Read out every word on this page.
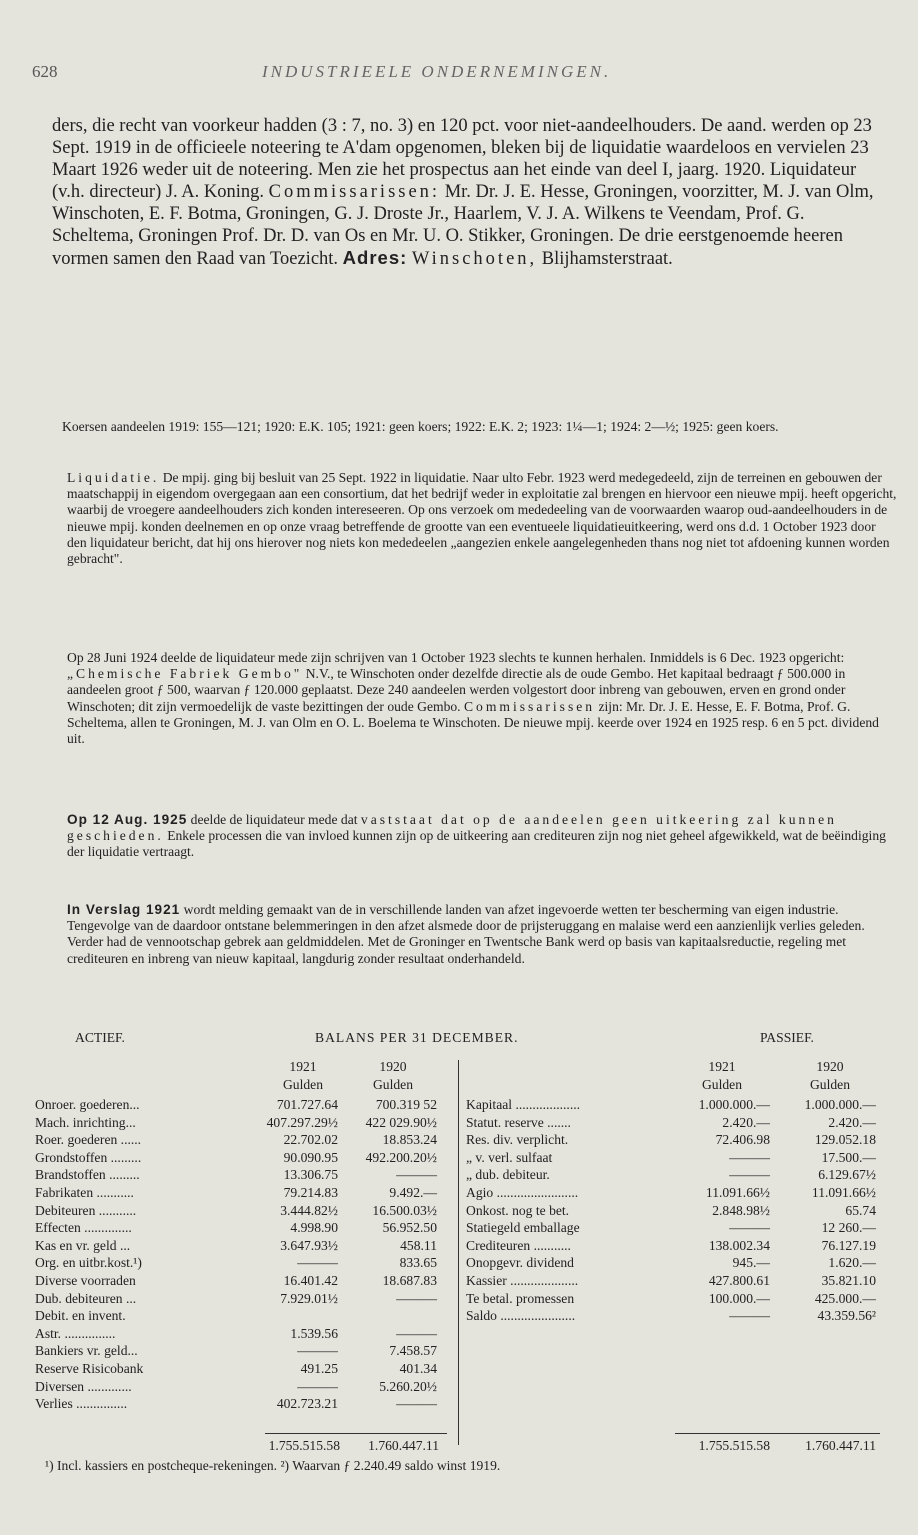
628	INDUSTRIEELE ONDERNEMINGEN.

ders, die recht van voorkeur hadden (3 : 7, no. 3) en 120 pct. voor niet-aandeelhouders. De aand. werden op 23 Sept. 1919 in de officieele noteering te A'dam opgenomen, bleken bij de liquidatie waardeloos en vervielen 23 Maart 1926 weder uit de noteering. Men zie het prospectus aan het einde van deel I, jaarg. 1920. Liquidateur (v.h. directeur) J. A. Koning. Commissarissen: Mr. Dr. J. E. Hesse, Groningen, voorzitter, M. J. van Olm, Winschoten, E. F. Botma, Groningen, G. J. Droste Jr., Haarlem, V. J. A. Wilkens te Veendam, Prof. G. Scheltema, Groningen Prof. Dr. D. van Os en Mr. U. O. Stikker, Groningen. De drie eerstgenoemde heeren vormen samen den Raad van Toezicht. Adres: Winschoten, Blijhamsterstraat.

Koersen aandeelen 1919: 155—121; 1920: E.K. 105; 1921: geen koers; 1922: E.K. 2; 1923: 1¼—1; 1924: 2—½; 1925: geen koers.

Liquidatie. De mpij. ging bij besluit van 25 Sept. 1922 in liquidatie. Naar ulto Febr. 1923 werd medegedeeld, zijn de terreinen en gebouwen der maatschappij in eigendom overgegaan aan een consortium, dat het bedrijf weder in exploitatie zal brengen en hiervoor een nieuwe mpij. heeft opgericht, waarbij de vroegere aandeelhouders zich konden intereseeren. Op ons verzoek om mededeeling van de voorwaarden waarop oud-aandeelhouders in de nieuwe mpij. konden deelnemen en op onze vraag betreffende de grootte van een eventueele liquidatieuitkeering, werd ons d.d. 1 October 1923 door den liquidateur bericht, dat hij ons hierover nog niets kon mededeelen „aangezien enkele aangelegenheden thans nog niet tot afdoening kunnen worden gebracht".

Op 28 Juni 1924 deelde de liquidateur mede zijn schrijven van 1 October 1923 slechts te kunnen herhalen. Inmiddels is 6 Dec. 1923 opgericht: „Chemische Fabriek Gembo" N.V., te Winschoten onder dezelfde directie als de oude Gembo. Het kapitaal bedraagt ƒ 500.000 in aandeelen groot ƒ 500, waarvan ƒ 120.000 geplaatst. Deze 240 aandeelen werden volgestort door inbreng van gebouwen, erven en grond onder Winschoten; dit zijn vermoedelijk de vaste bezittingen der oude Gembo. Commissarissen zijn: Mr. Dr. J. E. Hesse, E. F. Botma, Prof. G. Scheltema, allen te Groningen, M. J. van Olm en O. L. Boelema te Winschoten. De nieuwe mpij. keerde over 1924 en 1925 resp. 6 en 5 pct. dividend uit.

Op 12 Aug. 1925 deelde de liquidateur mede dat vaststaat dat op de aandeelen geen uitkeering zal kunnen geschieden. Enkele processen die van invloed kunnen zijn op de uitkeering aan crediteuren zijn nog niet geheel afgewikkeld, wat de beëindiging der liquidatie vertraagt.

In Verslag 1921 wordt melding gemaakt van de in verschillende landen van afzet ingevoerde wetten ter bescherming van eigen industrie. Tengevolge van de daardoor ontstane belemmeringen in den afzet alsmede door de prijsteruggang en malaise werd een aanzienlijk verlies geleden. Verder had de vennootschap gebrek aan geldmiddelen. Met de Groninger en Twentsche Bank werd op basis van kapitaalsreductie, regeling met crediteuren en inbreng van nieuw kapitaal, langdurig zonder resultaat onderhandeld.

ACTIEF.	BALANS PER 31 DECEMBER.	PASSIEF.
1921	1920
Gulden	Gulden
1921	1920
Gulden	Gulden
Onroer. goederen...	701.727.64	700.319 52
Mach. inrichting...	407.297.29½	422 029.90½
Roer. goederen ......	22.702.02	18.853.24
Grondstoffen .........	90.090.95	492.200.20½
Brandstoffen .........	13.306.75	———
Fabrikaten ...........	79.214.83	9.492.—
Debiteuren ...........	3.444.82½	16.500.03½
Effecten ..............	4.998.90	56.952.50
Kas en vr. geld ...	3.647.93½	458.11
Org. en uitbr.kost.¹)	———	833.65
Diverse voorraden	16.401.42	18.687.83
Dub. debiteuren ...	7.929.01½	———
Debit. en invent.
Astr. ...............	1.539.56	———
Bankiers vr. geld...	———	7.458.57
Reserve Risicobank	491.25	401.34
Diversen .............	———	5.260.20½
Verlies ...............	402.723.21	———
Kapitaal ...................	1.000.000.—	1.000.000.—
Statut. reserve .......	2.420.—	2.420.—
Res. div. verplicht.	72.406.98	129.052.18
„ v. verl. sulfaat	———	17.500.—
„ dub. debiteur.	———	6.129.67½
Agio ........................	11.091.66½	11.091.66½
Onkost. nog te bet.	2.848.98½	65.74
Statiegeld emballage	———	12 260.—
Crediteuren ...........	138.002.34	76.127.19
Onopgevr. dividend	945.—	1.620.—
Kassier ....................	427.800.61	35.821.10
Te betal. promessen	100.000.—	425.000.—
Saldo ......................	———	43.359.56²
1.755.515.58	1.760.447.11	1.755.515.58	1.760.447.11
¹) Incl. kassiers en postcheque-rekeningen. ²) Waarvan ƒ 2.240.49 saldo winst 1919.
